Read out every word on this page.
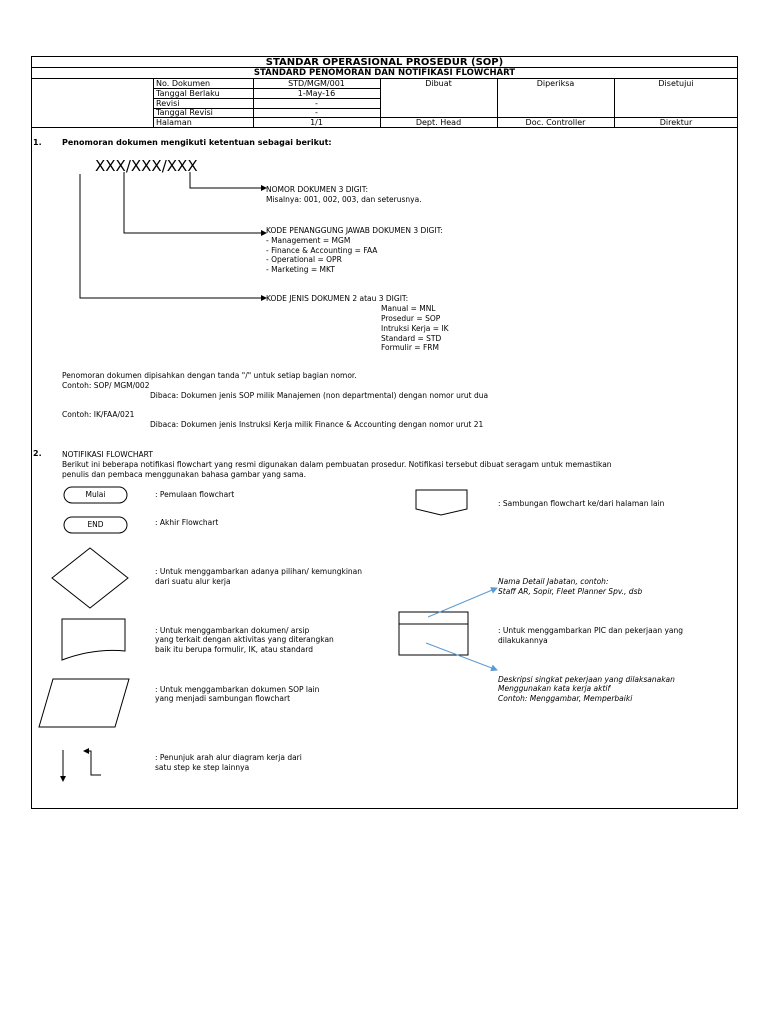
STANDAR OPERASIONAL PROSEDUR (SOP)
STANDARD PENOMORAN DAN NOTIFIKASI FLOWCHART
No. Dokumen	STD/MGM/001
Tanggal Berlaku	1-May-16
Revisi	-
Tanggal Revisi	-
Halaman	1/1
Dibuat	Diperiksa	Disetujui
Dept. Head	Doc. Controller	Direktur
1.	Penomoran dokumen mengikuti ketentuan sebagai berikut:
XXX/XXX/XXX
NOMOR DOKUMEN 3 DIGIT:
Misalnya: 001, 002, 003, dan seterusnya.
KODE PENANGGUNG JAWAB DOKUMEN 3 DIGIT:
- Management = MGM
- Finance & Accounting = FAA
- Operational = OPR
- Marketing = MKT
KODE JENIS DOKUMEN 2 atau 3 DIGIT:
Manual = MNL
Prosedur = SOP
Intruksi Kerja = IK
Standard = STD
Formulir = FRM
Penomoran dokumen dipisahkan dengan tanda "/" untuk setiap bagian nomor.
Contoh: SOP/ MGM/002
Dibaca: Dokumen jenis SOP milik Manajemen (non departmental) dengan nomor urut dua
Contoh: IK/FAA/021
Dibaca: Dokumen jenis Instruksi Kerja milik Finance & Accounting dengan nomor urut 21
2.	NOTIFIKASI FLOWCHART
Berikut ini beberapa notifikasi flowchart yang resmi digunakan dalam pembuatan prosedur. Notifikasi tersebut dibuat seragam untuk memastikan
penulis dan pembaca menggunakan bahasa gambar yang sama.
Mulai	: Pemulaan flowchart
END	: Akhir Flowchart
: Untuk menggambarkan adanya pilihan/ kemungkinan
dari suatu alur kerja
: Untuk menggambarkan dokumen/ arsip
yang terkait dengan aktivitas yang diterangkan
baik itu berupa formulir, IK, atau standard
: Untuk menggambarkan dokumen SOP lain
yang menjadi sambungan flowchart
: Penunjuk arah alur diagram kerja dari
satu step ke step lainnya
: Sambungan flowchart ke/dari halaman lain
Nama Detail Jabatan, contoh:
Staff AR, Sopir, Fleet Planner Spv., dsb
: Untuk menggambarkan PIC dan pekerjaan yang
dilakukannya
Deskripsi singkat pekerjaan yang dilaksanakan
Menggunakan kata kerja aktif
Contoh: Menggambar, Memperbaiki
